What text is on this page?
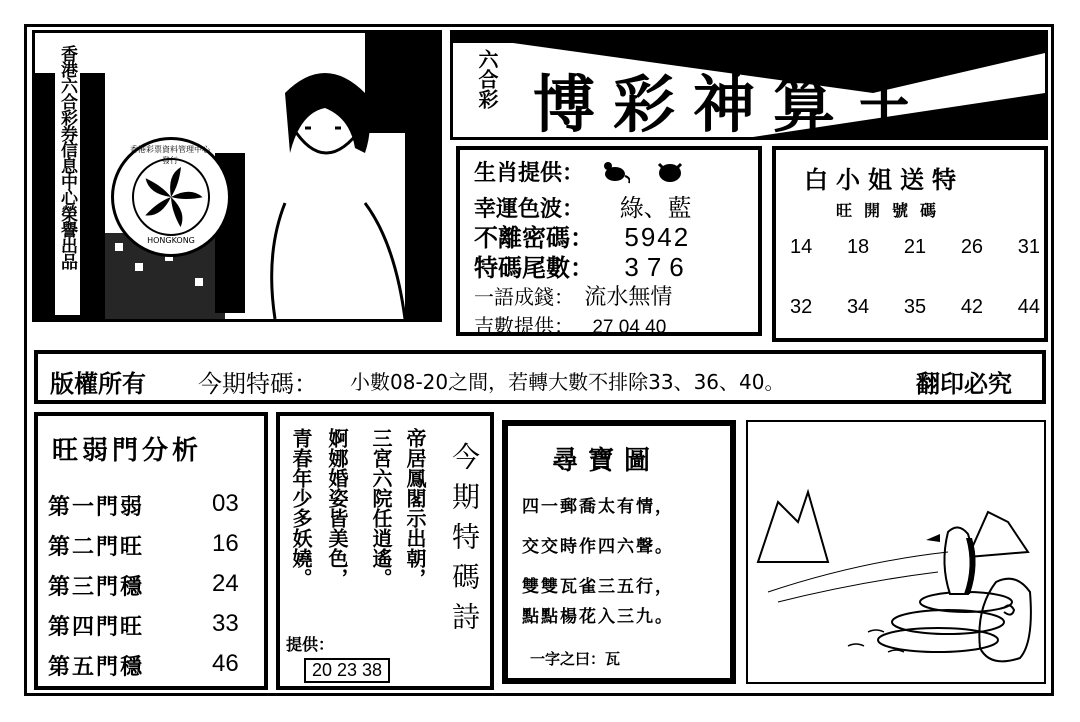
香港六合彩券信息中心榮譽出品	香港彩票資料管理中心發行
HONGKONG
六合彩 博彩神算王
生肖提供：
幸運色波： 綠、藍
不離密碼： 5942
特碼尾數： 376
一語成錢： 流水無情
吉數提供： 27 04 40
白小姐送特
旺開號碼
14 18 21 26 31
32 34 35 42 44
版權所有 今期特碼： 小數08-20之間，若轉大數不排除33、36、40。	翻印必究
旺弱門分析
第一門弱	03
第二門旺	16
第三門穩	24
第四門旺	33
第五門穩	46
帝居鳳閣示出朝，
三宮六院任逍遙。
婀娜婚姿皆美色，
青春年少多妖嬈。	今期特碼詩
提供：
20 23 38
尋寶圖
四一郵喬太有情，
交交時作四六聲。
雙雙瓦雀三五行，
點點楊花入三九。
一字之曰：瓦
